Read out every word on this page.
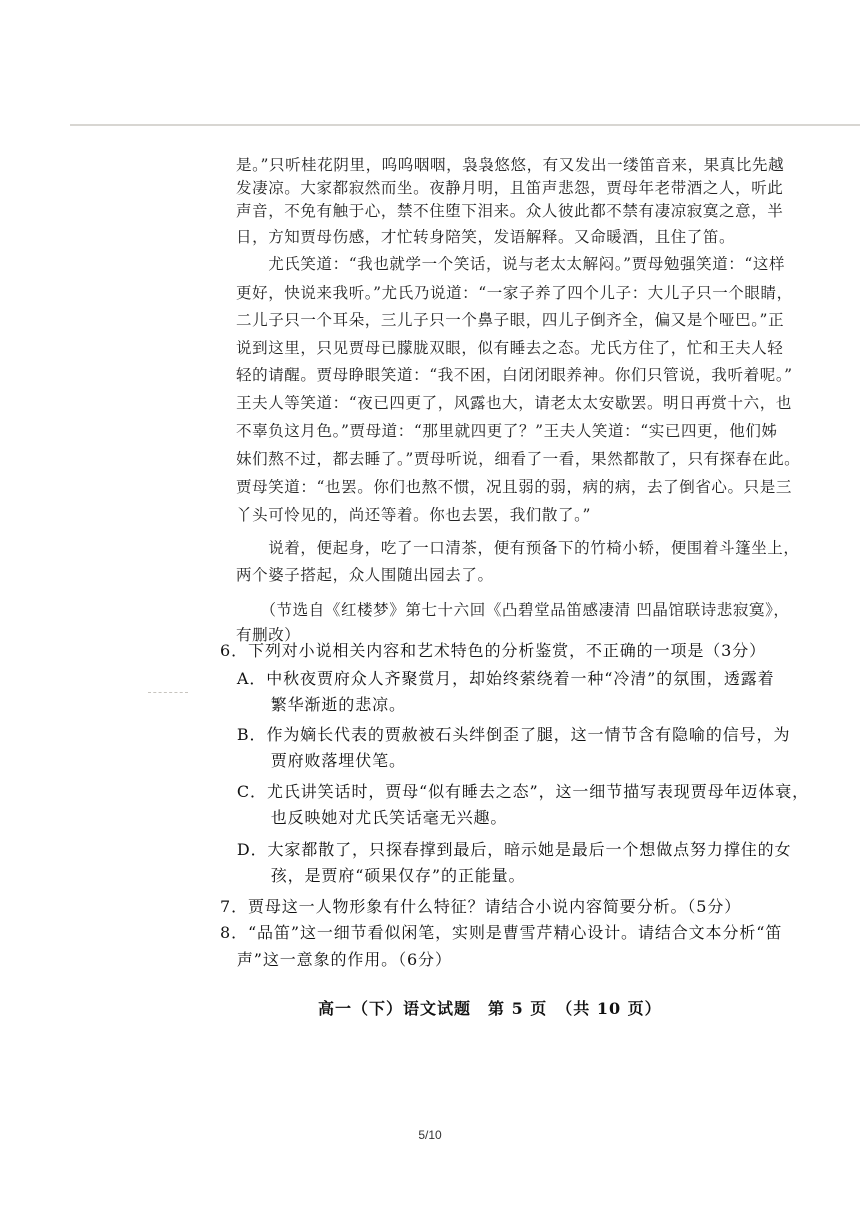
是。”只听桂花阴里，呜呜咽咽，袅袅悠悠，有又发出一缕笛音来，果真比先越
发凄凉。大家都寂然而坐。夜静月明，且笛声悲怨，贾母年老带酒之人，听此
声音，不免有触于心，禁不住堕下泪来。众人彼此都不禁有凄凉寂寞之意，半
日，方知贾母伤感，才忙转身陪笑，发语解释。又命暖酒，且住了笛。
　　尤氏笑道：“我也就学一个笑话，说与老太太解闷。”贾母勉强笑道：“这样
更好，快说来我听。”尤氏乃说道：“一家子养了四个儿子：大儿子只一个眼睛，
二儿子只一个耳朵，三儿子只一个鼻子眼，四儿子倒齐全，偏又是个哑巴。”正
说到这里，只见贾母已朦胧双眼，似有睡去之态。尤氏方住了，忙和王夫人轻
轻的请醒。贾母睁眼笑道：“我不困，白闭闭眼养神。你们只管说，我听着呢。”
王夫人等笑道：“夜已四更了，风露也大，请老太太安歇罢。明日再赏十六，也
不辜负这月色。”贾母道：“那里就四更了？”王夫人笑道：“实已四更，他们姊
妹们熬不过，都去睡了。”贾母听说，细看了一看，果然都散了，只有探春在此。
贾母笑道：“也罢。你们也熬不惯，况且弱的弱，病的病，去了倒省心。只是三
丫头可怜见的，尚还等着。你也去罢，我们散了。”
　　说着，便起身，吃了一口清茶，便有预备下的竹椅小轿，便围着斗篷坐上，
两个婆子搭起，众人围随出园去了。
　　（节选自《红楼梦》第七十六回《凸碧堂品笛感凄清 凹晶馆联诗悲寂寞》，
有删改）
6．下列对小说相关内容和艺术特色的分析鉴赏，不正确的一项是（3分）
　A．中秋夜贾府众人齐聚赏月，却始终萦绕着一种“冷清”的氛围，透露着
　　　繁华渐逝的悲凉。
　B．作为嫡长代表的贾赦被石头绊倒歪了腿，这一情节含有隐喻的信号，为
　　　贾府败落埋伏笔。
　C．尤氏讲笑话时，贾母“似有睡去之态”，这一细节描写表现贾母年迈体衰，
　　　也反映她对尤氏笑话毫无兴趣。
　D．大家都散了，只探春撑到最后，暗示她是最后一个想做点努力撑住的女
　　　孩，是贾府“硕果仅存”的正能量。
7．贾母这一人物形象有什么特征？请结合小说内容简要分析。（5分）
8．“品笛”这一细节看似闲笔，实则是曹雪芹精心设计。请结合文本分析“笛
　声”这一意象的作用。（6分）
高一（下）语文试题　第 5 页　（共 10 页）
5/10
